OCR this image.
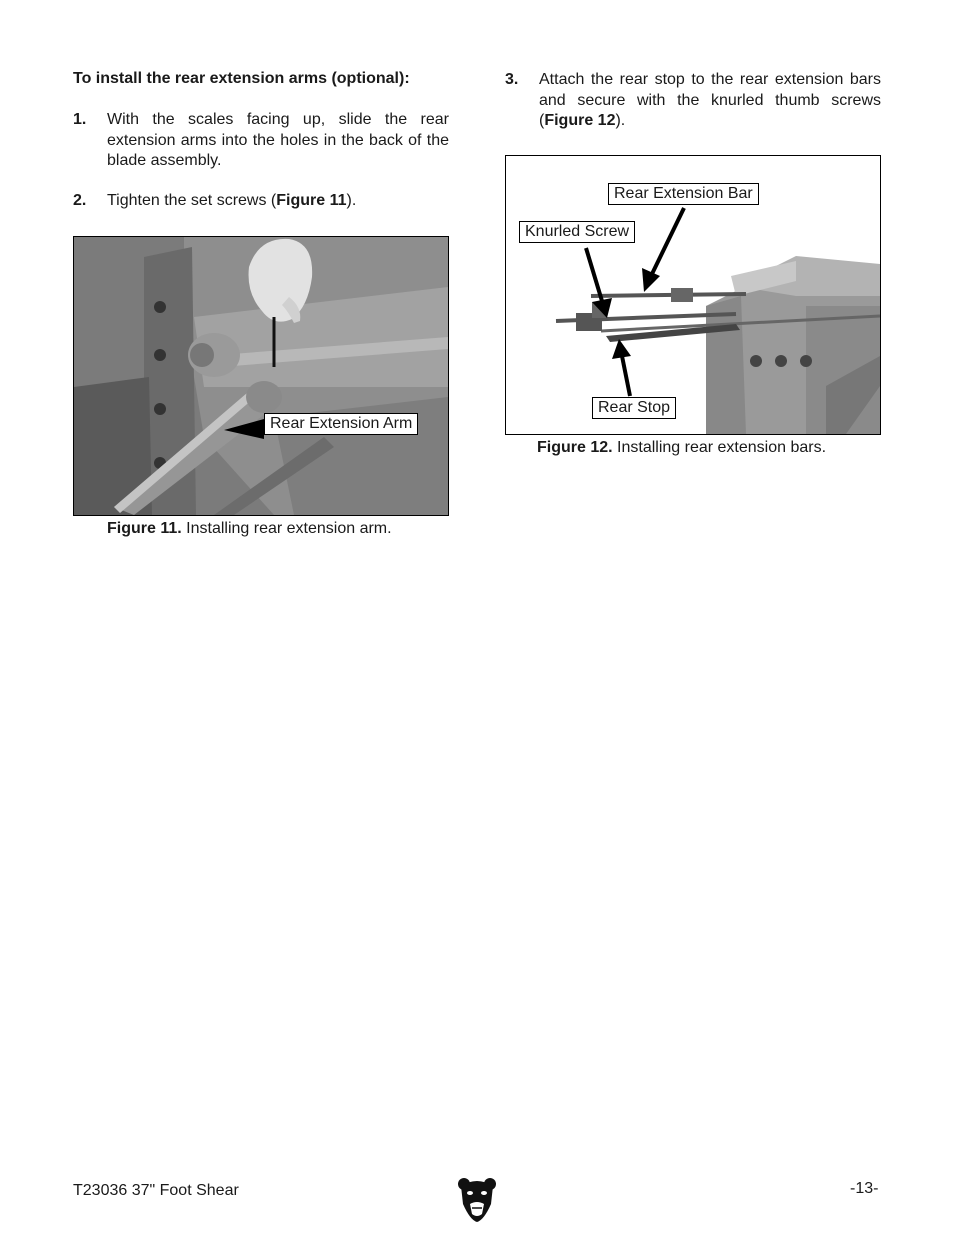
To install the rear extension arms (optional):
1. With the scales facing up, slide the rear extension arms into the holes in the back of the blade assembly.
2. Tighten the set screws (Figure 11).
3. Attach the rear stop to the rear extension bars and secure with the knurled thumb screws (Figure 12).
Rear Extension Arm
Figure 11. Installing rear extension arm.
Rear Extension Bar
Knurled Screw
Rear Stop
Figure 12. Installing rear extension bars.
T23036 37" Foot Shear	-13-
